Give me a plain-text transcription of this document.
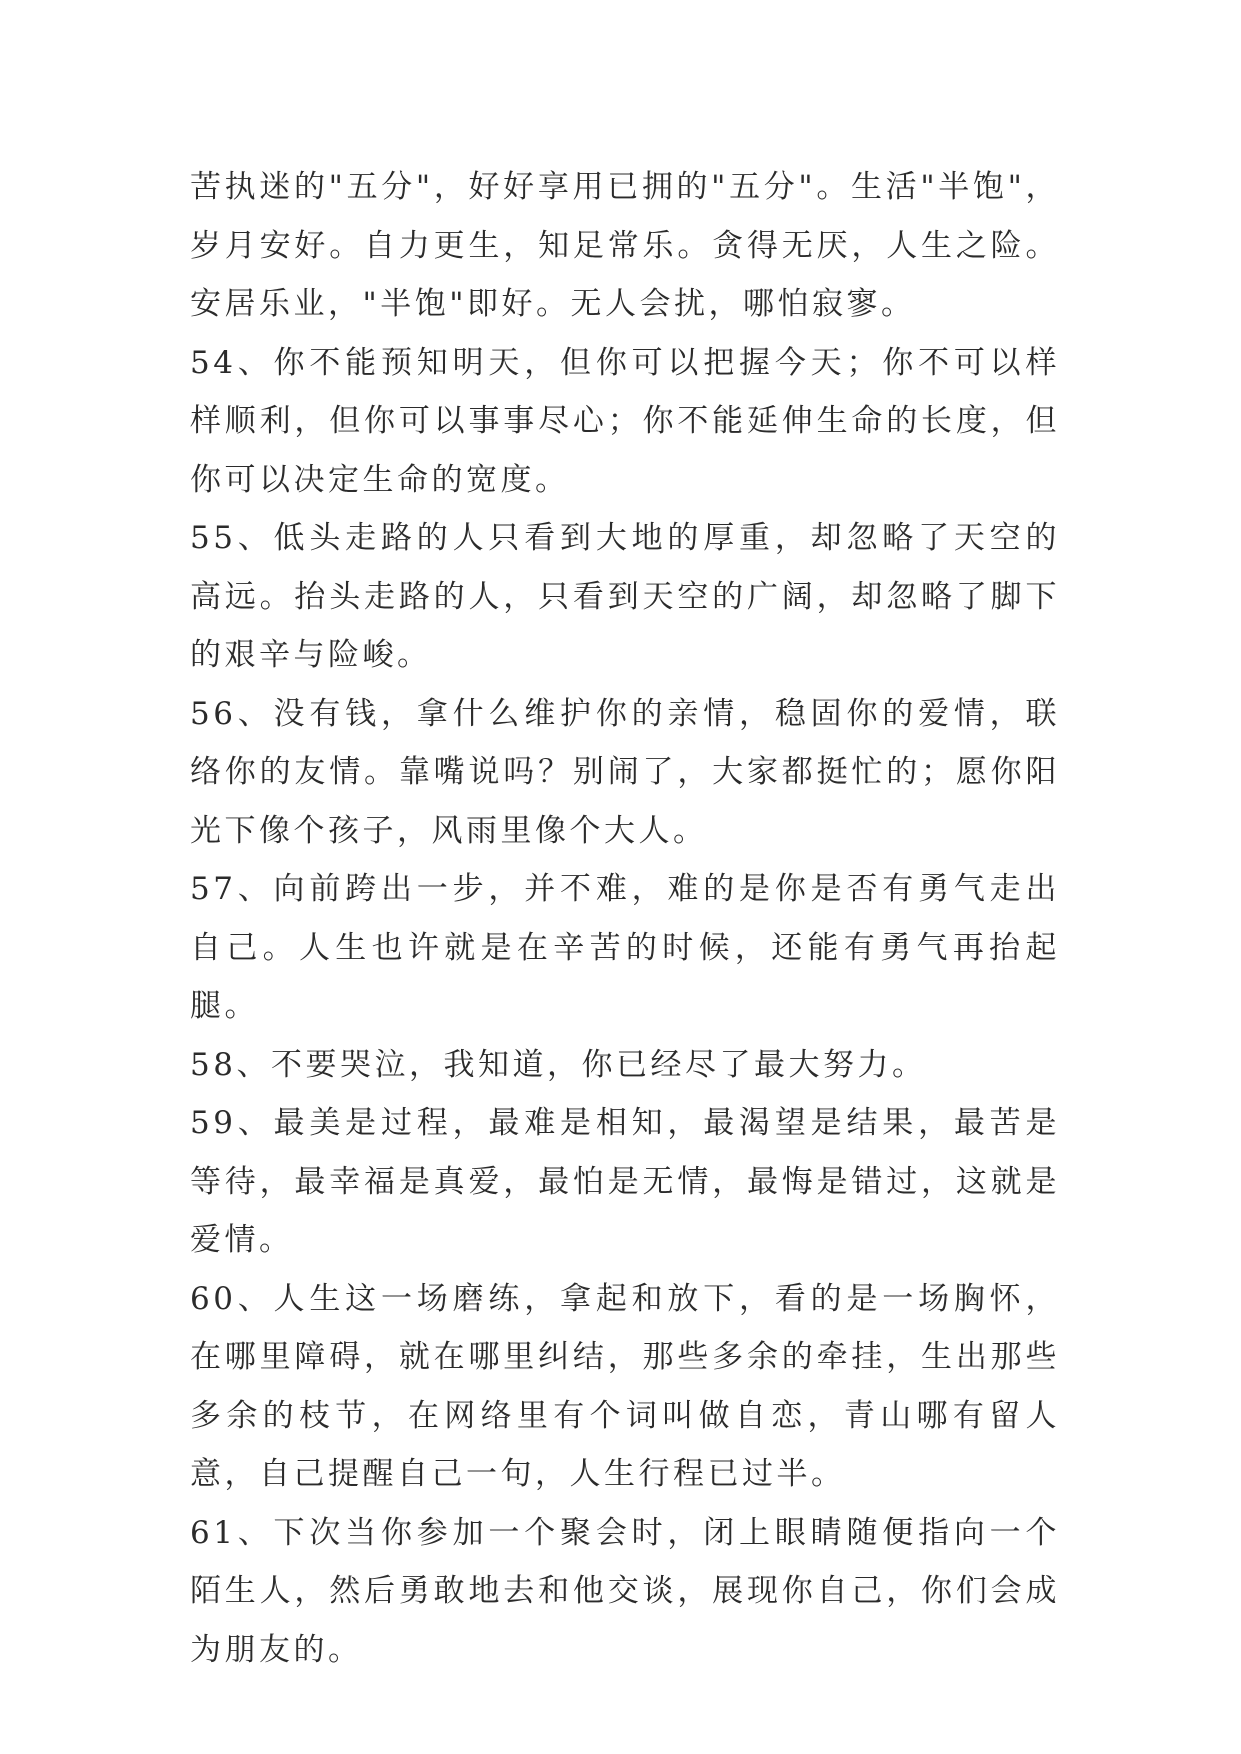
苦执迷的"五分"，好好享用已拥的"五分"。生活"半饱"，岁月安好。自力更生，知足常乐。贪得无厌，人生之险。安居乐业，"半饱"即好。无人会扰，哪怕寂寥。

54、你不能预知明天，但你可以把握今天；你不可以样样顺利，但你可以事事尽心；你不能延伸生命的长度，但你可以决定生命的宽度。

55、低头走路的人只看到大地的厚重，却忽略了天空的高远。抬头走路的人，只看到天空的广阔，却忽略了脚下的艰辛与险峻。

56、没有钱，拿什么维护你的亲情，稳固你的爱情，联络你的友情。靠嘴说吗？别闹了，大家都挺忙的；愿你阳光下像个孩子，风雨里像个大人。

57、向前跨出一步，并不难，难的是你是否有勇气走出自己。人生也许就是在辛苦的时候，还能有勇气再抬起腿。

58、不要哭泣，我知道，你已经尽了最大努力。

59、最美是过程，最难是相知，最渴望是结果，最苦是等待，最幸福是真爱，最怕是无情，最悔是错过，这就是爱情。

60、人生这一场磨练，拿起和放下，看的是一场胸怀，在哪里障碍，就在哪里纠结，那些多余的牵挂，生出那些多余的枝节，在网络里有个词叫做自恋，青山哪有留人意，自己提醒自己一句，人生行程已过半。

61、下次当你参加一个聚会时，闭上眼睛随便指向一个陌生人，然后勇敢地去和他交谈，展现你自己，你们会成为朋友的。
